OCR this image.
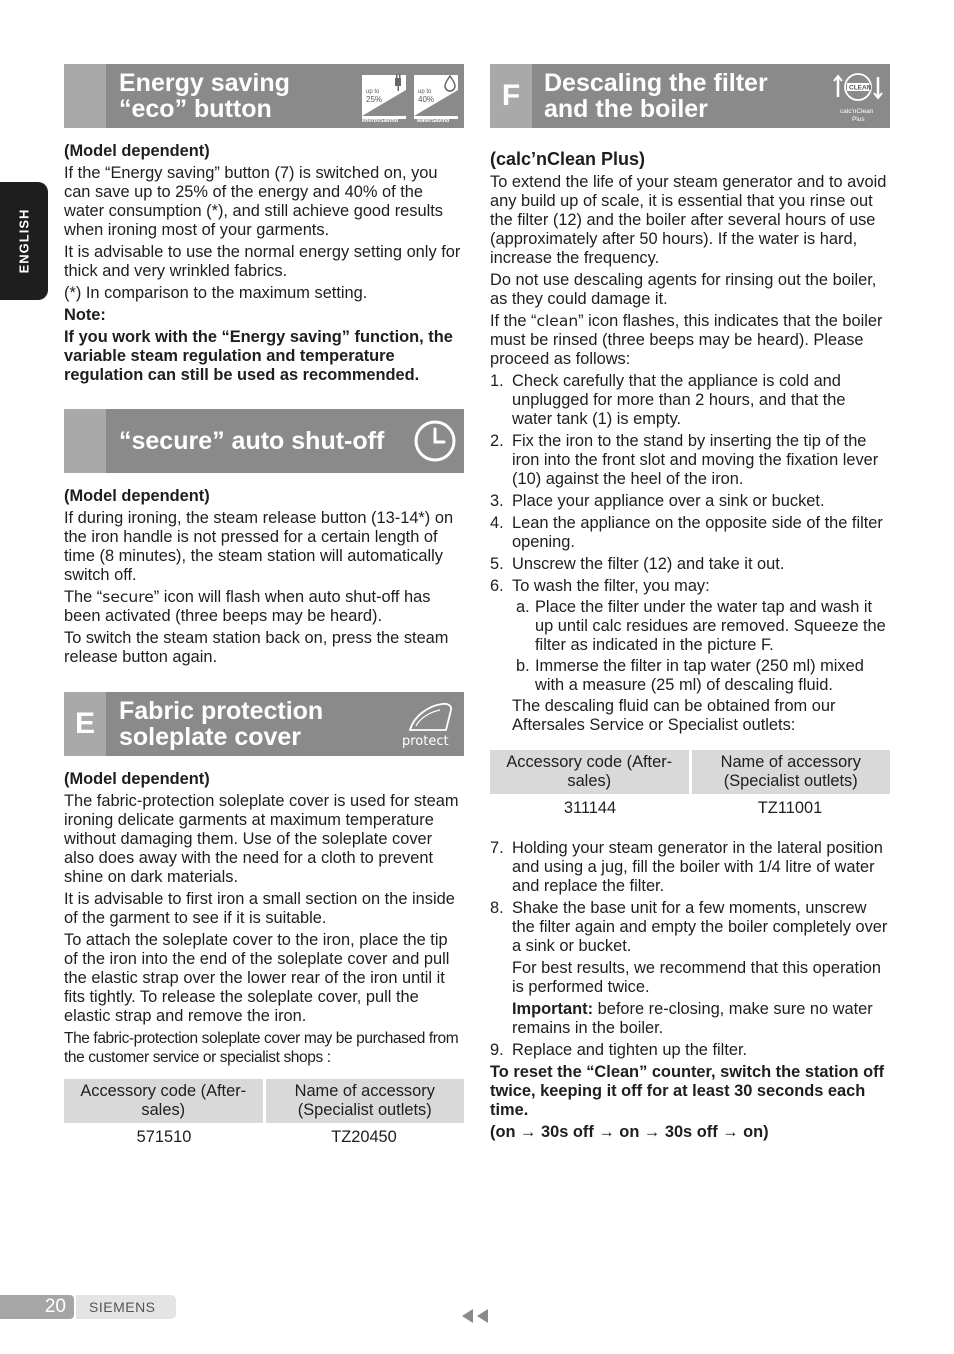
ENGLISH
Energy saving
“eco” button
up to
25%
energySaving
up to
40%
waterSaving

(Model dependent)

If the “Energy saving” button (7) is switched on, you can save up to 25% of the energy and 40% of the water consumption (*), and still achieve good results when ironing most of your garments.

It is advisable to use the normal energy setting only for thick and very wrinkled fabrics.

(*) In comparison to the maximum setting.

Note:

If you work with the “Energy saving” function, the variable steam regulation and temperature regulation can still be used as recommended.

“secure” auto shut-off

(Model dependent)

If during ironing, the steam release button (13-14*) on the iron handle is not pressed for a certain length of time (8 minutes), the steam station will automatically switch off.

The “secure” icon will flash when auto shut-off has been activated (three beeps may be heard).

To switch the steam station back on, press the steam release button again.

E Fabric protection
soleplate cover	protect

(Model dependent)

The fabric-protection soleplate cover is used for steam ironing delicate garments at maximum temperature without damaging them. Use of the soleplate cover also does away with the need for a cloth to prevent shine on dark materials.

It is advisable to first iron a small section on the inside of the garment to see if it is suitable.

To attach the soleplate cover to the iron, place the tip of the iron into the end of the soleplate cover and pull the elastic strap over the lower rear of the iron until it fits tightly. To release the soleplate cover, pull the elastic strap and remove the iron.

The fabric-protection soleplate cover may be purchased from the customer service or specialist shops :

Accessory code (After-sales)	Name of accessory (Specialist outlets)
571510	TZ20450
F Descaling the filter
and the boiler
CLEAN
calc'nClean
Plus

(calc’nClean Plus)

To extend the life of your steam generator and to avoid any build up of scale, it is essential that you rinse out the filter (12) and the boiler after several hours of use (approximately after 50 hours). If the water is hard, increase the frequency.

Do not use descaling agents for rinsing out the boiler, as they could damage it.

If the “clean” icon flashes, this indicates that the boiler must be rinsed (three beeps may be heard). Please proceed as follows:

1. Check carefully that the appliance is cold and unplugged for more than 2 hours, and that the water tank (1) is empty.
2. Fix the iron to the stand by inserting the tip of the iron into the front slot and moving the fixation lever (10) against the heel of the iron.
3. Place your appliance over a sink or bucket.
4. Lean the appliance on the opposite side of the filter opening.
5. Unscrew the filter (12) and take it out.
6. To wash the filter, you may:
a. Place the filter under the water tap and wash it up until calc residues are removed. Squeeze the filter as indicated in the picture F.
b. Immerse the filter in tap water (250 ml) mixed with a measure (25 ml) of descaling fluid.

The descaling fluid can be obtained from our Aftersales Service or Specialist outlets:

Accessory code (After-sales)	Name of accessory (Specialist outlets)
311144	TZ11001
7. Holding your steam generator in the lateral position and using a jug, fill the boiler with 1/4 litre of water and replace the filter.
8. Shake the base unit for a few moments, unscrew the filter again and empty the boiler completely over a sink or bucket.

For best results, we recommend that this operation is performed twice.

Important: before re-closing, make sure no water remains in the boiler.

9. Replace and tighten up the filter.

To reset the “Clean” counter, switch the station off twice, keeping it off for at least 30 seconds each time.

(on → 30s off → on → 30s off → on)

20	SIEMENS
